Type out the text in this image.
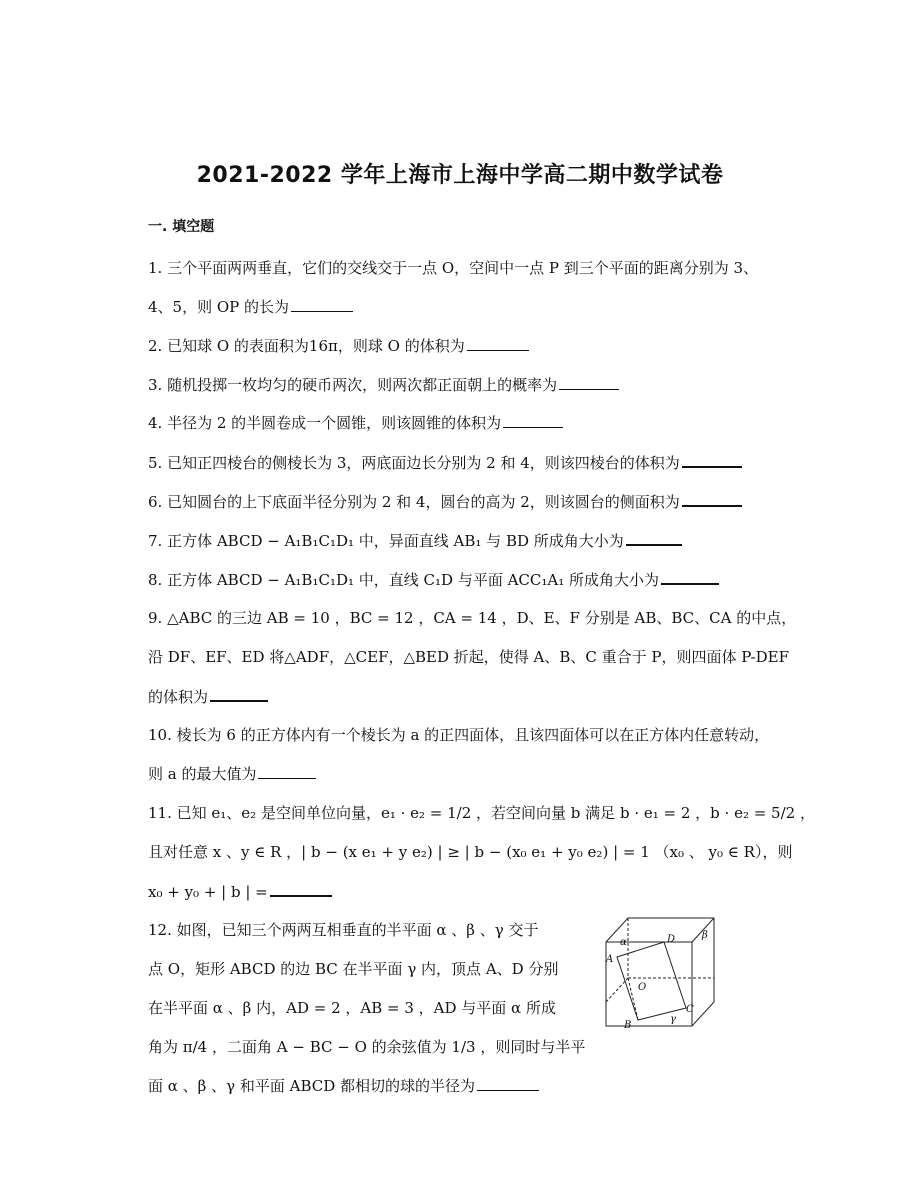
2021-2022 学年上海市上海中学高二期中数学试卷
一. 填空题
1. 三个平面两两垂直，它们的交线交于一点 O，空间中一点 P 到三个平面的距离分别为 3、
4、5，则 OP 的长为
2. 已知球 O 的表面积为16π，则球 O 的体积为
3. 随机投掷一枚均匀的硬币两次，则两次都正面朝上的概率为
4. 半径为 2 的半圆卷成一个圆锥，则该圆锥的体积为
5. 已知正四棱台的侧棱长为 3，两底面边长分别为 2 和 4，则该四棱台的体积为
6. 已知圆台的上下底面半径分别为 2 和 4，圆台的高为 2，则该圆台的侧面积为
7. 正方体 ABCD − A₁B₁C₁D₁ 中，异面直线 AB₁ 与 BD 所成角大小为
8. 正方体 ABCD − A₁B₁C₁D₁ 中，直线 C₁D 与平面 ACC₁A₁ 所成角大小为
9. △ABC 的三边 AB = 10 ，BC = 12 ，CA = 14 ，D、E、F 分别是 AB、BC、CA 的中点，
沿 DF、EF、ED 将△ADF，△CEF，△BED 折起，使得 A、B、C 重合于 P，则四面体 P-DEF
的体积为
10. 棱长为 6 的正方体内有一个棱长为 a 的正四面体，且该四面体可以在正方体内任意转动，
则 a 的最大值为
11. 已知 e₁、e₂ 是空间单位向量，e₁ · e₂ = 1/2 ，若空间向量 b 满足 b · e₁ = 2 ，b · e₂ = 5/2 ，
且对任意 x 、y ∈ R ，| b − (x e₁ + y e₂) | ≥ | b − (x₀ e₁ + y₀ e₂) | = 1 （x₀ 、 y₀ ∈ R），则
x₀ + y₀ + | b | =
12. 如图，已知三个两两互相垂直的半平面 α 、β 、γ 交于
点 O，矩形 ABCD 的边 BC 在半平面 γ 内，顶点 A、D 分别
在半平面 α 、β 内，AD = 2 ，AB = 3 ，AD 与平面 α 所成
角为 π/4 ，二面角 A − BC − O 的余弦值为 1/3 ，则同时与半平
面 α 、β 、γ 和平面 ABCD 都相切的球的半径为
α
β
γ
A
D
O
B
C
